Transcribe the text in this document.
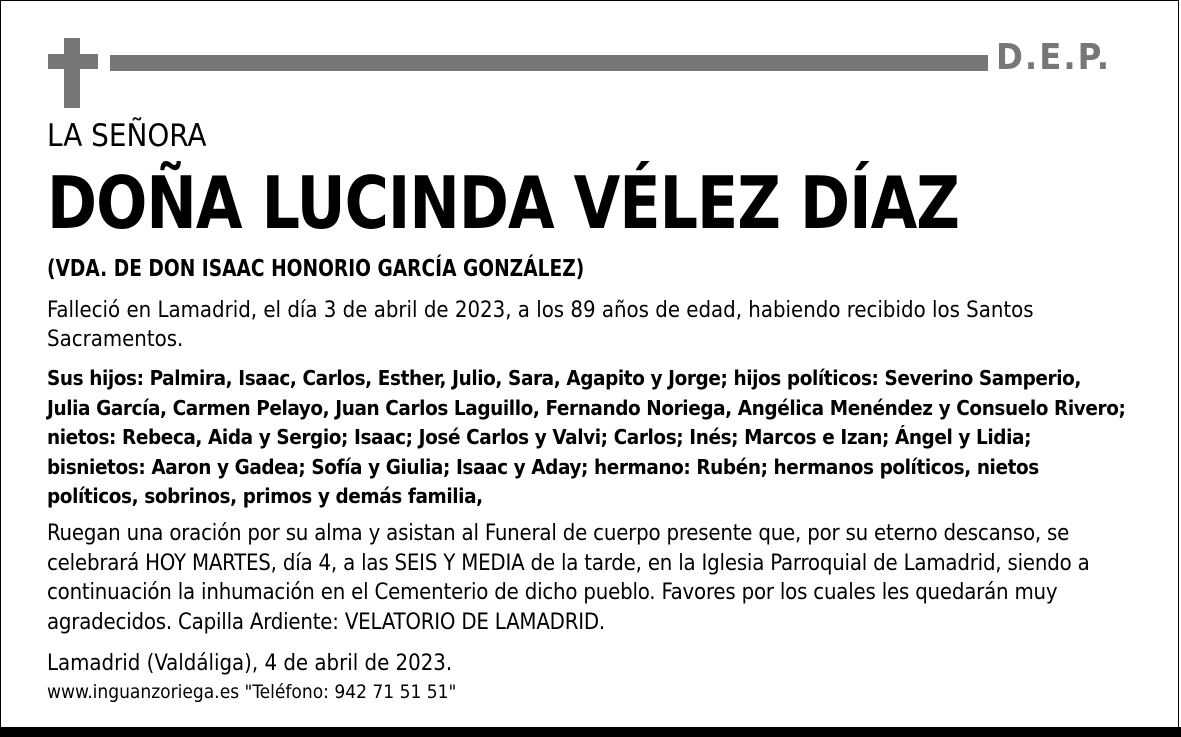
D.E.P.
LA SEÑORA
DOÑA LUCINDA VÉLEZ DÍAZ
(VDA. DE DON ISAAC HONORIO GARCÍA GONZÁLEZ)
Falleció en Lamadrid, el día 3 de abril de 2023, a los 89 años de edad, habiendo recibido los Santos Sacramentos.
Sus hijos: Palmira, Isaac, Carlos, Esther, Julio, Sara, Agapito y Jorge; hijos políticos: Severino Samperio, Julia García, Carmen Pelayo, Juan Carlos Laguillo, Fernando Noriega, Angélica Menéndez y Consuelo Rivero; nietos: Rebeca, Aida y Sergio; Isaac; José Carlos y Valvi; Carlos; Inés; Marcos e Izan; Ángel y Lidia; bisnietos: Aaron y Gadea; Sofía y Giulia; Isaac y Aday; hermano: Rubén; hermanos políticos, nietos políticos, sobrinos, primos y demás familia,
Ruegan una oración por su alma y asistan al Funeral de cuerpo presente que, por su eterno descanso, se celebrará HOY MARTES, día 4, a las SEIS Y MEDIA de la tarde, en la Iglesia Parroquial de Lamadrid, siendo a continuación la inhumación en el Cementerio de dicho pueblo. Favores por los cuales les quedarán muy agradecidos. Capilla Ardiente: VELATORIO DE LAMADRID.
Lamadrid (Valdáliga), 4 de abril de 2023.
www.inguanzoriega.es "Teléfono: 942 71 51 51"
